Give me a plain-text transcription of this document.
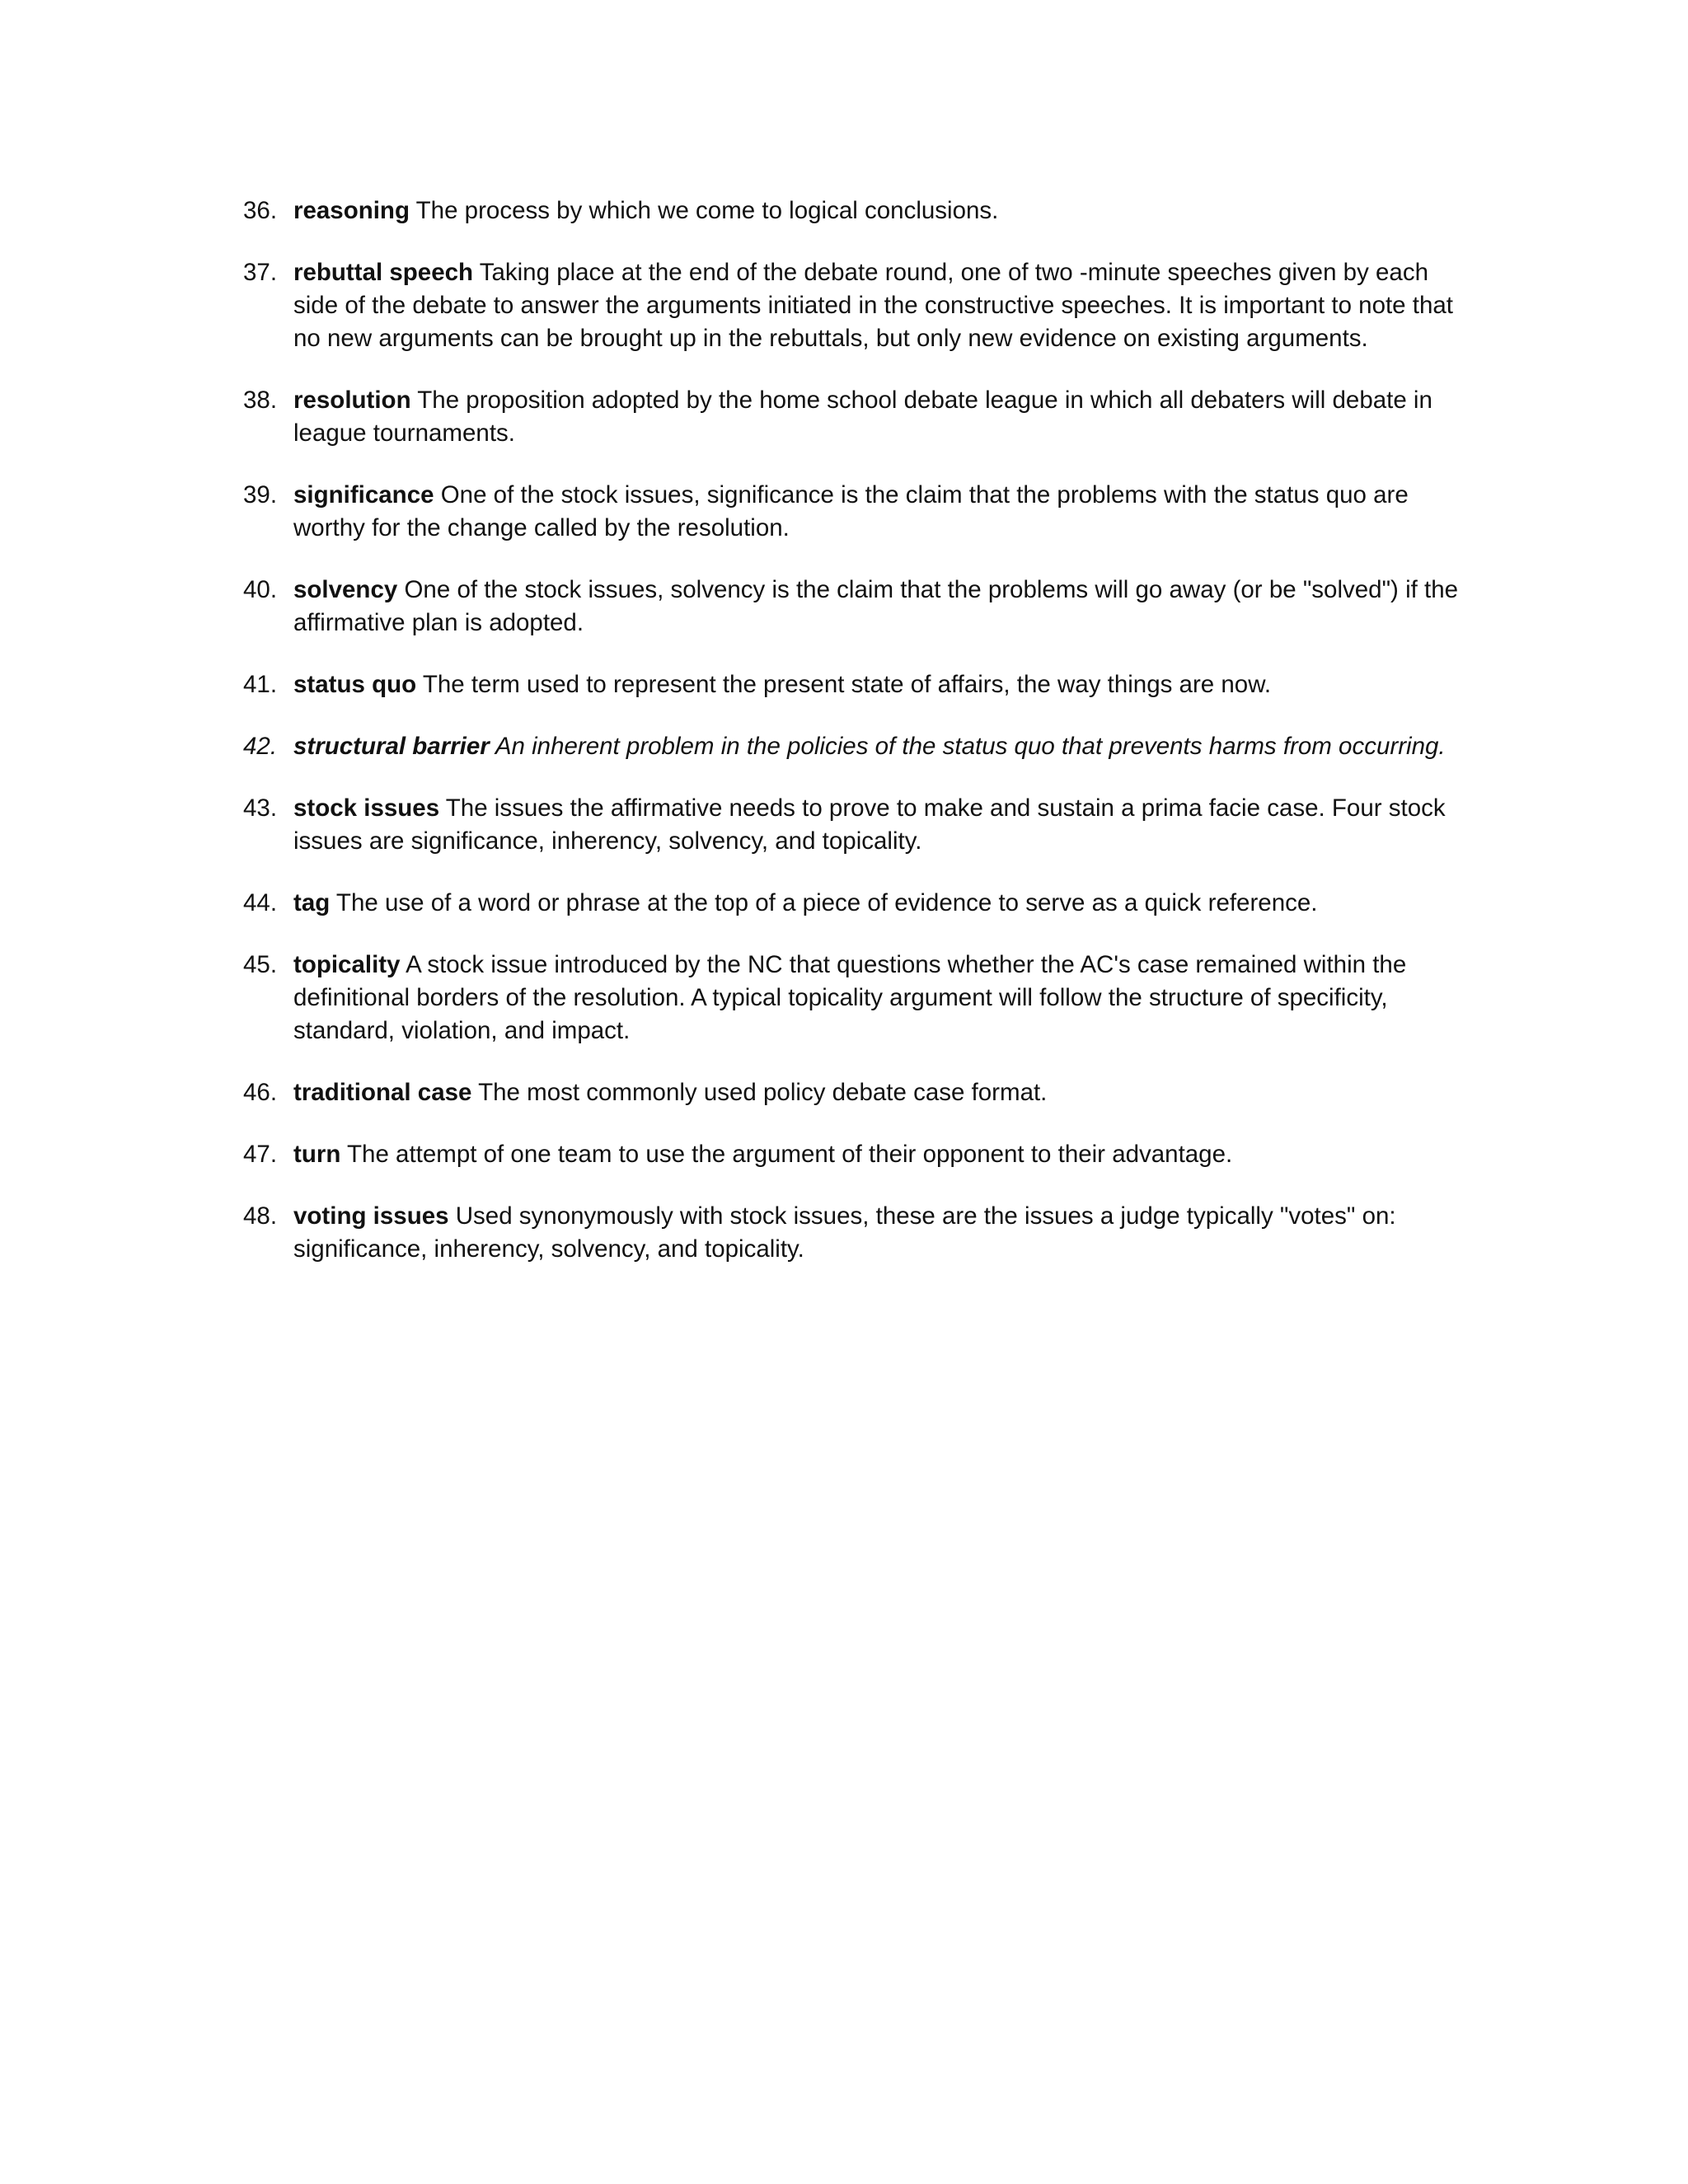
36. reasoning The process by which we come to logical conclusions.
37. rebuttal speech Taking place at the end of the debate round, one of two -minute speeches given by each side of the debate to answer the arguments initiated in the constructive speeches. It is important to note that no new arguments can be brought up in the rebuttals, but only new evidence on existing arguments.
38. resolution The proposition adopted by the home school debate league in which all debaters will debate in league tournaments.
39. significance One of the stock issues, significance is the claim that the problems with the status quo are worthy for the change called by the resolution.
40. solvency One of the stock issues, solvency is the claim that the problems will go away (or be "solved") if the affirmative plan is adopted.
41. status quo The term used to represent the present state of affairs, the way things are now.
42. structural barrier An inherent problem in the policies of the status quo that prevents harms from occurring.
43. stock issues The issues the affirmative needs to prove to make and sustain a prima facie case. Four stock issues are significance, inherency, solvency, and topicality.
44. tag The use of a word or phrase at the top of a piece of evidence to serve as a quick reference.
45. topicality A stock issue introduced by the NC that questions whether the AC's case remained within the definitional borders of the resolution. A typical topicality argument will follow the structure of specificity, standard, violation, and impact.
46. traditional case The most commonly used policy debate case format.
47. turn The attempt of one team to use the argument of their opponent to their advantage.
48. voting issues Used synonymously with stock issues, these are the issues a judge typically "votes" on: significance, inherency, solvency, and topicality.
